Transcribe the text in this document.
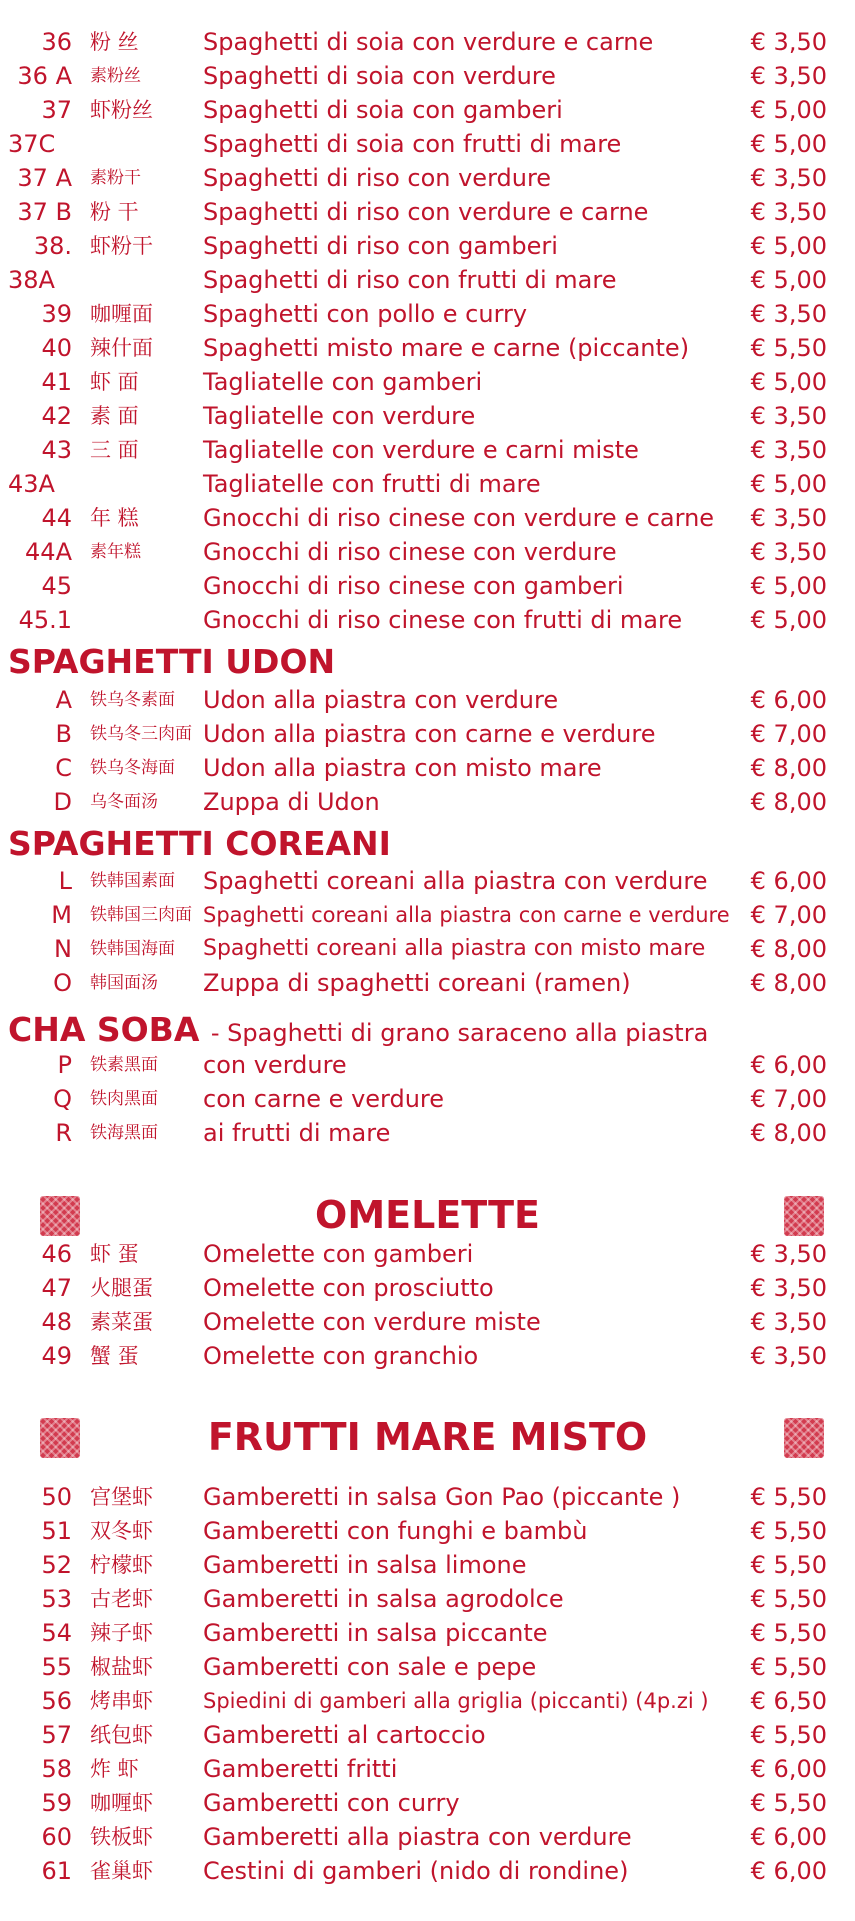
36 粉 丝	Spaghetti di soia con verdure e carne	€ 3,50
36 A 素粉丝	Spaghetti di soia con verdure	€ 3,50
37 虾粉丝 Spaghetti di soia con gamberi	€ 5,00
37C	Spaghetti di soia con frutti di mare	€ 5,00
37 A 素粉干	Spaghetti di riso con verdure	€ 3,50
37 B 粉 干	Spaghetti di riso con verdure e carne	€ 3,50
38. 虾粉干 Spaghetti di riso con gamberi	€ 5,00
38A	Spaghetti di riso con frutti di mare	€ 5,00
39 咖喱面 Spaghetti con pollo e curry	€ 3,50
40 辣什面 Spaghetti misto mare e carne (piccante)	€ 5,50
41 虾 面	Tagliatelle con gamberi	€ 5,00
42 素 面	Tagliatelle con verdure	€ 3,50
43 三 面	Tagliatelle con verdure e carni miste	€ 3,50
43A	Tagliatelle con frutti di mare	€ 5,00
44 年 糕	Gnocchi di riso cinese con verdure e carne € 3,50
44A 素年糕	Gnocchi di riso cinese con verdure	€ 3,50
45	Gnocchi di riso cinese con gamberi	€ 5,00
45.1	Gnocchi di riso cinese con frutti di mare	€ 5,00
SPAGHETTI UDON
A 铁乌冬素面 Udon alla piastra con verdure	€ 6,00
B 铁乌冬三肉面 Udon alla piastra con carne e verdure	€ 7,00
C 铁乌冬海面 Udon alla piastra con misto mare	€ 8,00
D 乌冬面汤 Zuppa di Udon	€ 8,00
SPAGHETTI COREANI
L 铁韩国素面 Spaghetti coreani alla piastra con verdure € 6,00
M 铁韩国三肉面 Spaghetti coreani alla piastra con carne e verdure € 7,00
N 铁韩国海面 Spaghetti coreani alla piastra con misto mare € 8,00
O 韩国面汤 Zuppa di spaghetti coreani (ramen)	€ 8,00
CHA SOBA - Spaghetti di grano saraceno alla piastra
P 铁素黑面 con verdure	€ 6,00
Q 铁肉黑面 con carne e verdure	€ 7,00
R 铁海黑面 ai frutti di mare	€ 8,00
OMELETTE
46 虾 蛋	Omelette con gamberi	€ 3,50
47 火腿蛋 Omelette con prosciutto	€ 3,50
48 素菜蛋 Omelette con verdure miste	€ 3,50
49 蟹 蛋	Omelette con granchio	€ 3,50
FRUTTI MARE MISTO
50 宫堡虾 Gamberetti in salsa Gon Pao (piccante )	€ 5,50
51 双冬虾 Gamberetti con funghi e bambù	€ 5,50
52 柠檬虾 Gamberetti in salsa limone	€ 5,50
53 古老虾 Gamberetti in salsa agrodolce	€ 5,50
54 辣子虾 Gamberetti in salsa piccante	€ 5,50
55 椒盐虾 Gamberetti con sale e pepe	€ 5,50
56 烤串虾 Spiedini di gamberi alla griglia (piccanti) (4p.zi ) € 6,50
57 纸包虾 Gamberetti al cartoccio	€ 5,50
58 炸 虾	Gamberetti fritti	€ 6,00
59 咖喱虾 Gamberetti con curry	€ 5,50
60 铁板虾 Gamberetti alla piastra con verdure	€ 6,00
61 雀巢虾 Cestini di gamberi (nido di rondine)	€ 6,00
